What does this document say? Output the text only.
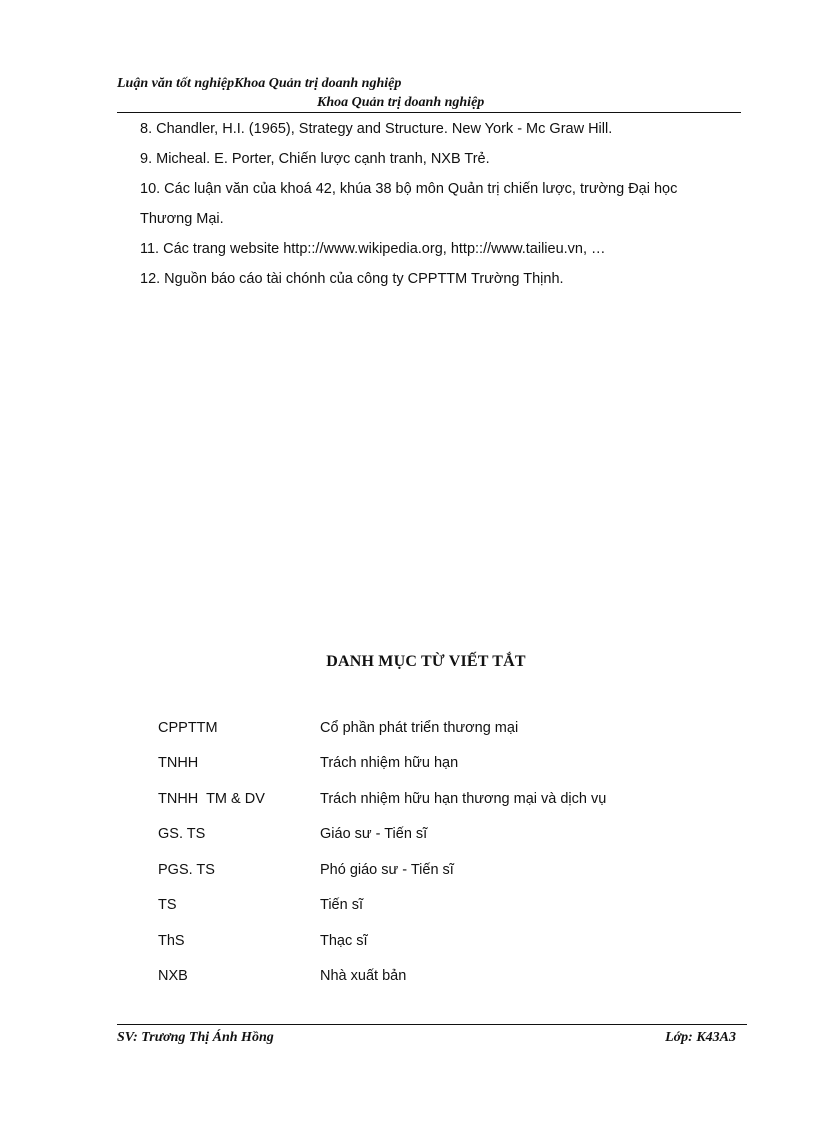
Luận văn tốt nghiệpKhoa Quản trị doanh nghiệp
Khoa Quản trị doanh nghiệp
8. Chandler, H.I. (1965), Strategy and Structure. New York - Mc Graw Hill.
9. Micheal. E. Porter, Chiến lược cạnh tranh, NXB Trẻ.
10. Các luận văn của khoá 42, khúa 38 bộ môn Quản trị chiến lược, trường Đại học
Thương Mại.
11. Các trang website http:://www.wikipedia.org, http:://www.tailieu.vn, …
12. Nguồn báo cáo tài chónh của công ty CPPTTM Trường Thịnh.
DANH MỤC TỪ VIẾT TẮT
CPPTTM	Cổ phần phát triển thương mại
TNHH	Trách nhiệm hữu hạn
TNHH  TM & DV	Trách nhiệm hữu hạn thương mại và dịch vụ
GS. TS	Giáo sư - Tiến sĩ
PGS. TS	Phó giáo sư - Tiến sĩ
TS	Tiến sĩ
ThS	Thạc sĩ
NXB	Nhà xuất bản
SV: Trương Thị Ánh Hồng	Lớp: K43A3
